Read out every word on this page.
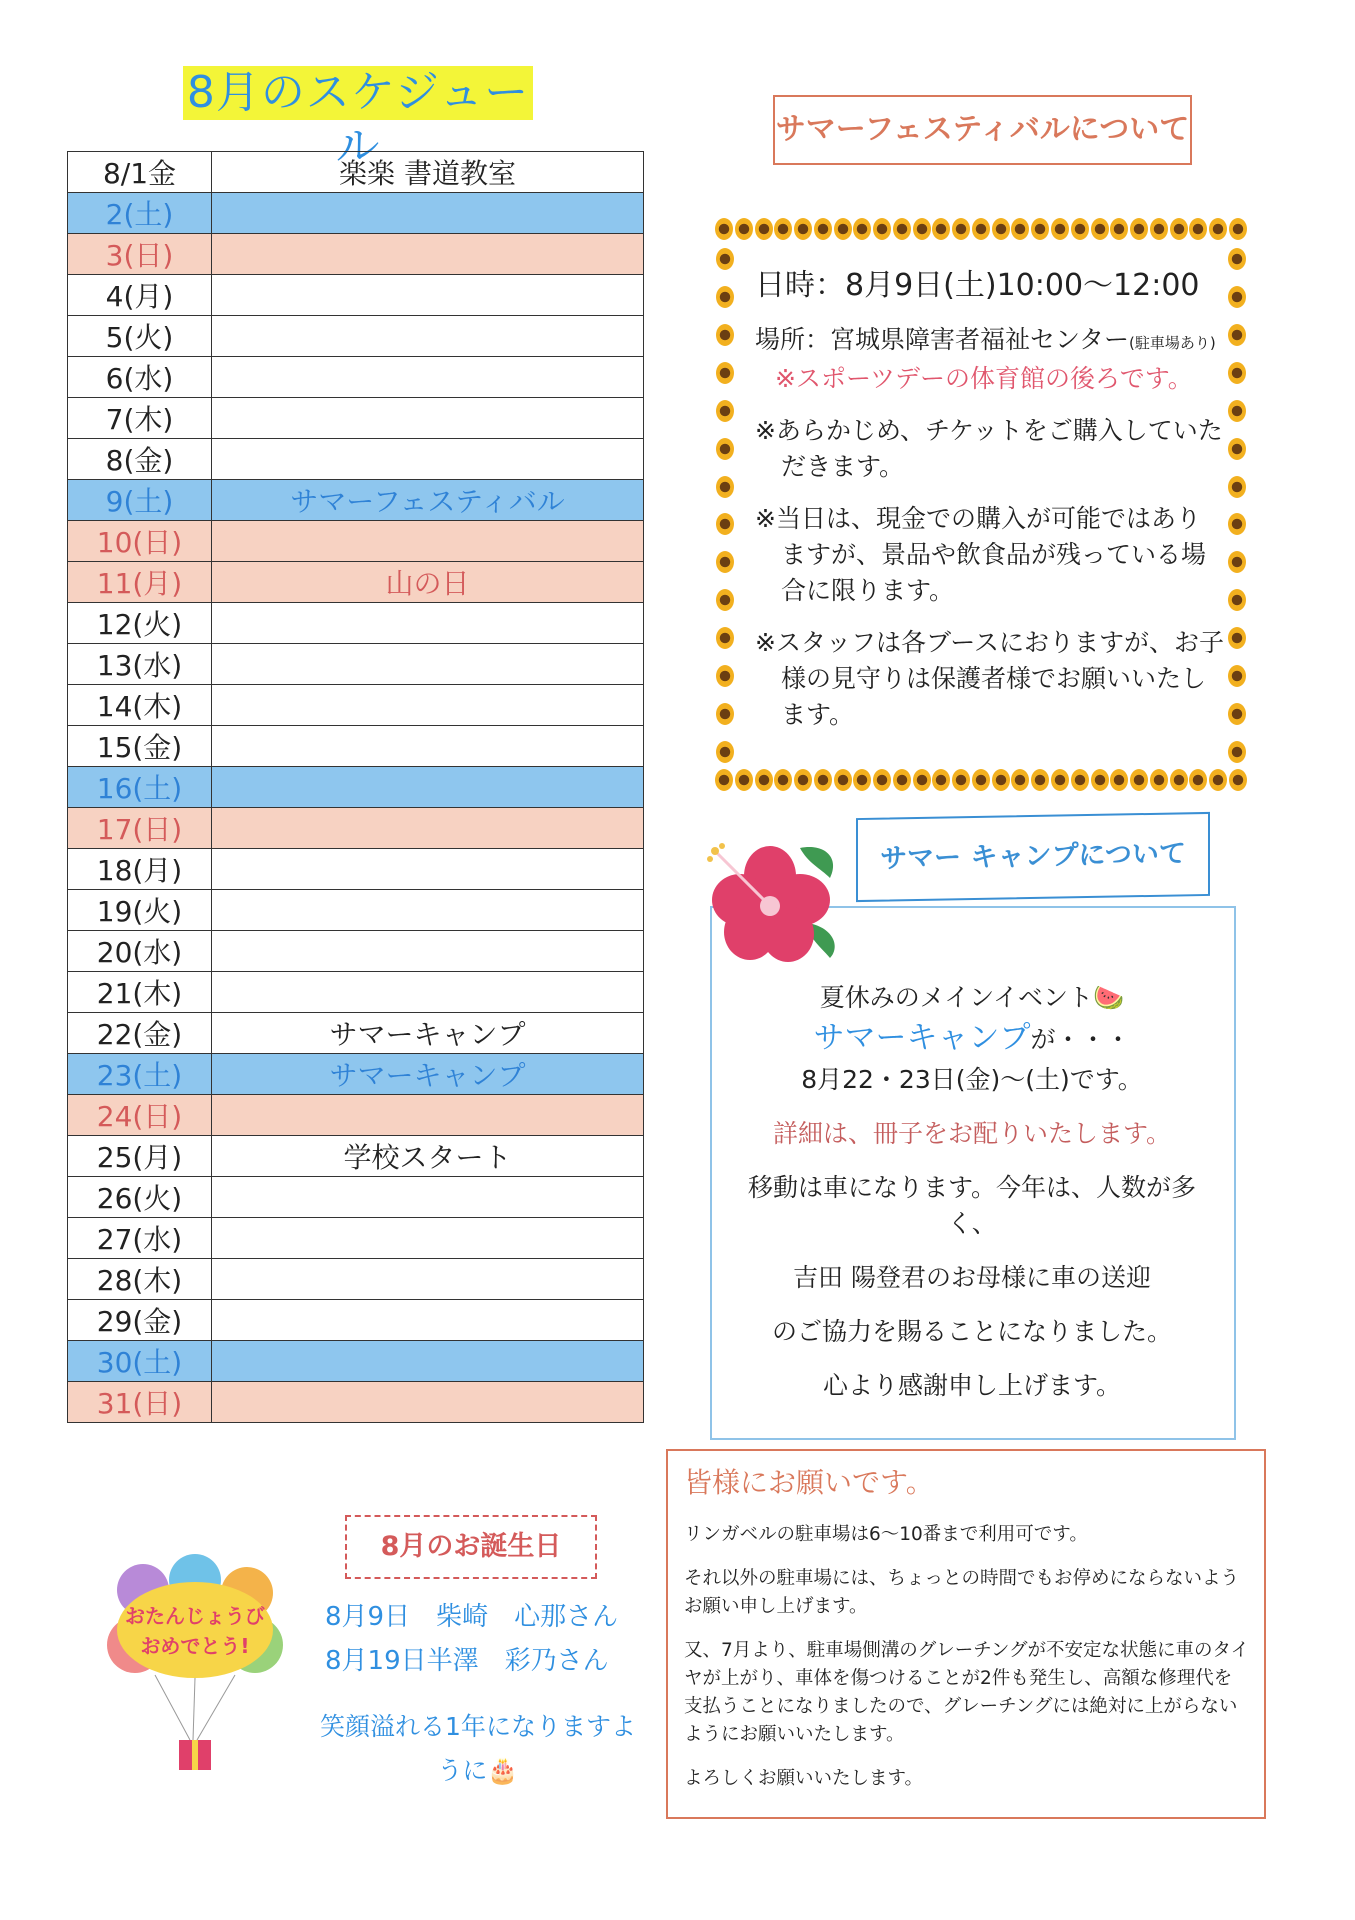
8月のスケジュール
8/1金	楽楽 書道教室
2(土)	
3(日)	
4(月)	
5(火)	
6(水)	
7(木)	
8(金)	
9(土)	サマーフェスティバル
10(日)	
11(月)	山の日
12(火)	
13(水)	
14(木)	
15(金)	
16(土)	
17(日)	
18(月)	
19(火)	
20(水)	
21(木)	
22(金)	サマーキャンプ
23(土)	サマーキャンプ
24(日)	
25(月)	学校スタート
26(火)	
27(水)	
28(木)	
29(金)	
30(土)	
31(日)	
サマーフェスティバルについて
日時：8月9日(土)10:00～12:00
場所：宮城県障害者福祉センター(駐車場あり)
※スポーツデーの体育館の後ろです。
※あらかじめ、チケットをご購入していただきます。
※当日は、現金での購入が可能ではありますが、景品や飲食品が残っている場合に限ります。
※スタッフは各ブースにおりますが、お子様の見守りは保護者様でお願いいたします。

夏休みのメインイベント🍉

サマーキャンプが・・・

8月22・23日(金)～(土)です。

詳細は、冊子をお配りいたします。

移動は車になります。今年は、人数が多く、

吉田 陽登君のお母様に車の送迎

のご協力を賜ることになりました。

心より感謝申し上げます。

サマー キャンプについて
おたんじょうび
おめでとう!
8月のお誕生日
8月9日　柴崎　心那さん
8月19日半澤　彩乃さん
笑顔溢れる1年になりますように🎂
皆様にお願いです。

リンガベルの駐車場は6～10番まで利用可です。

それ以外の駐車場には、ちょっとの時間でもお停めにならないようお願い申し上げます。

又、7月より、駐車場側溝のグレーチングが不安定な状態に車のタイヤが上がり、車体を傷つけることが2件も発生し、高額な修理代を支払うことになりましたので、グレーチングには絶対に上がらないようにお願いいたします。

よろしくお願いいたします。
